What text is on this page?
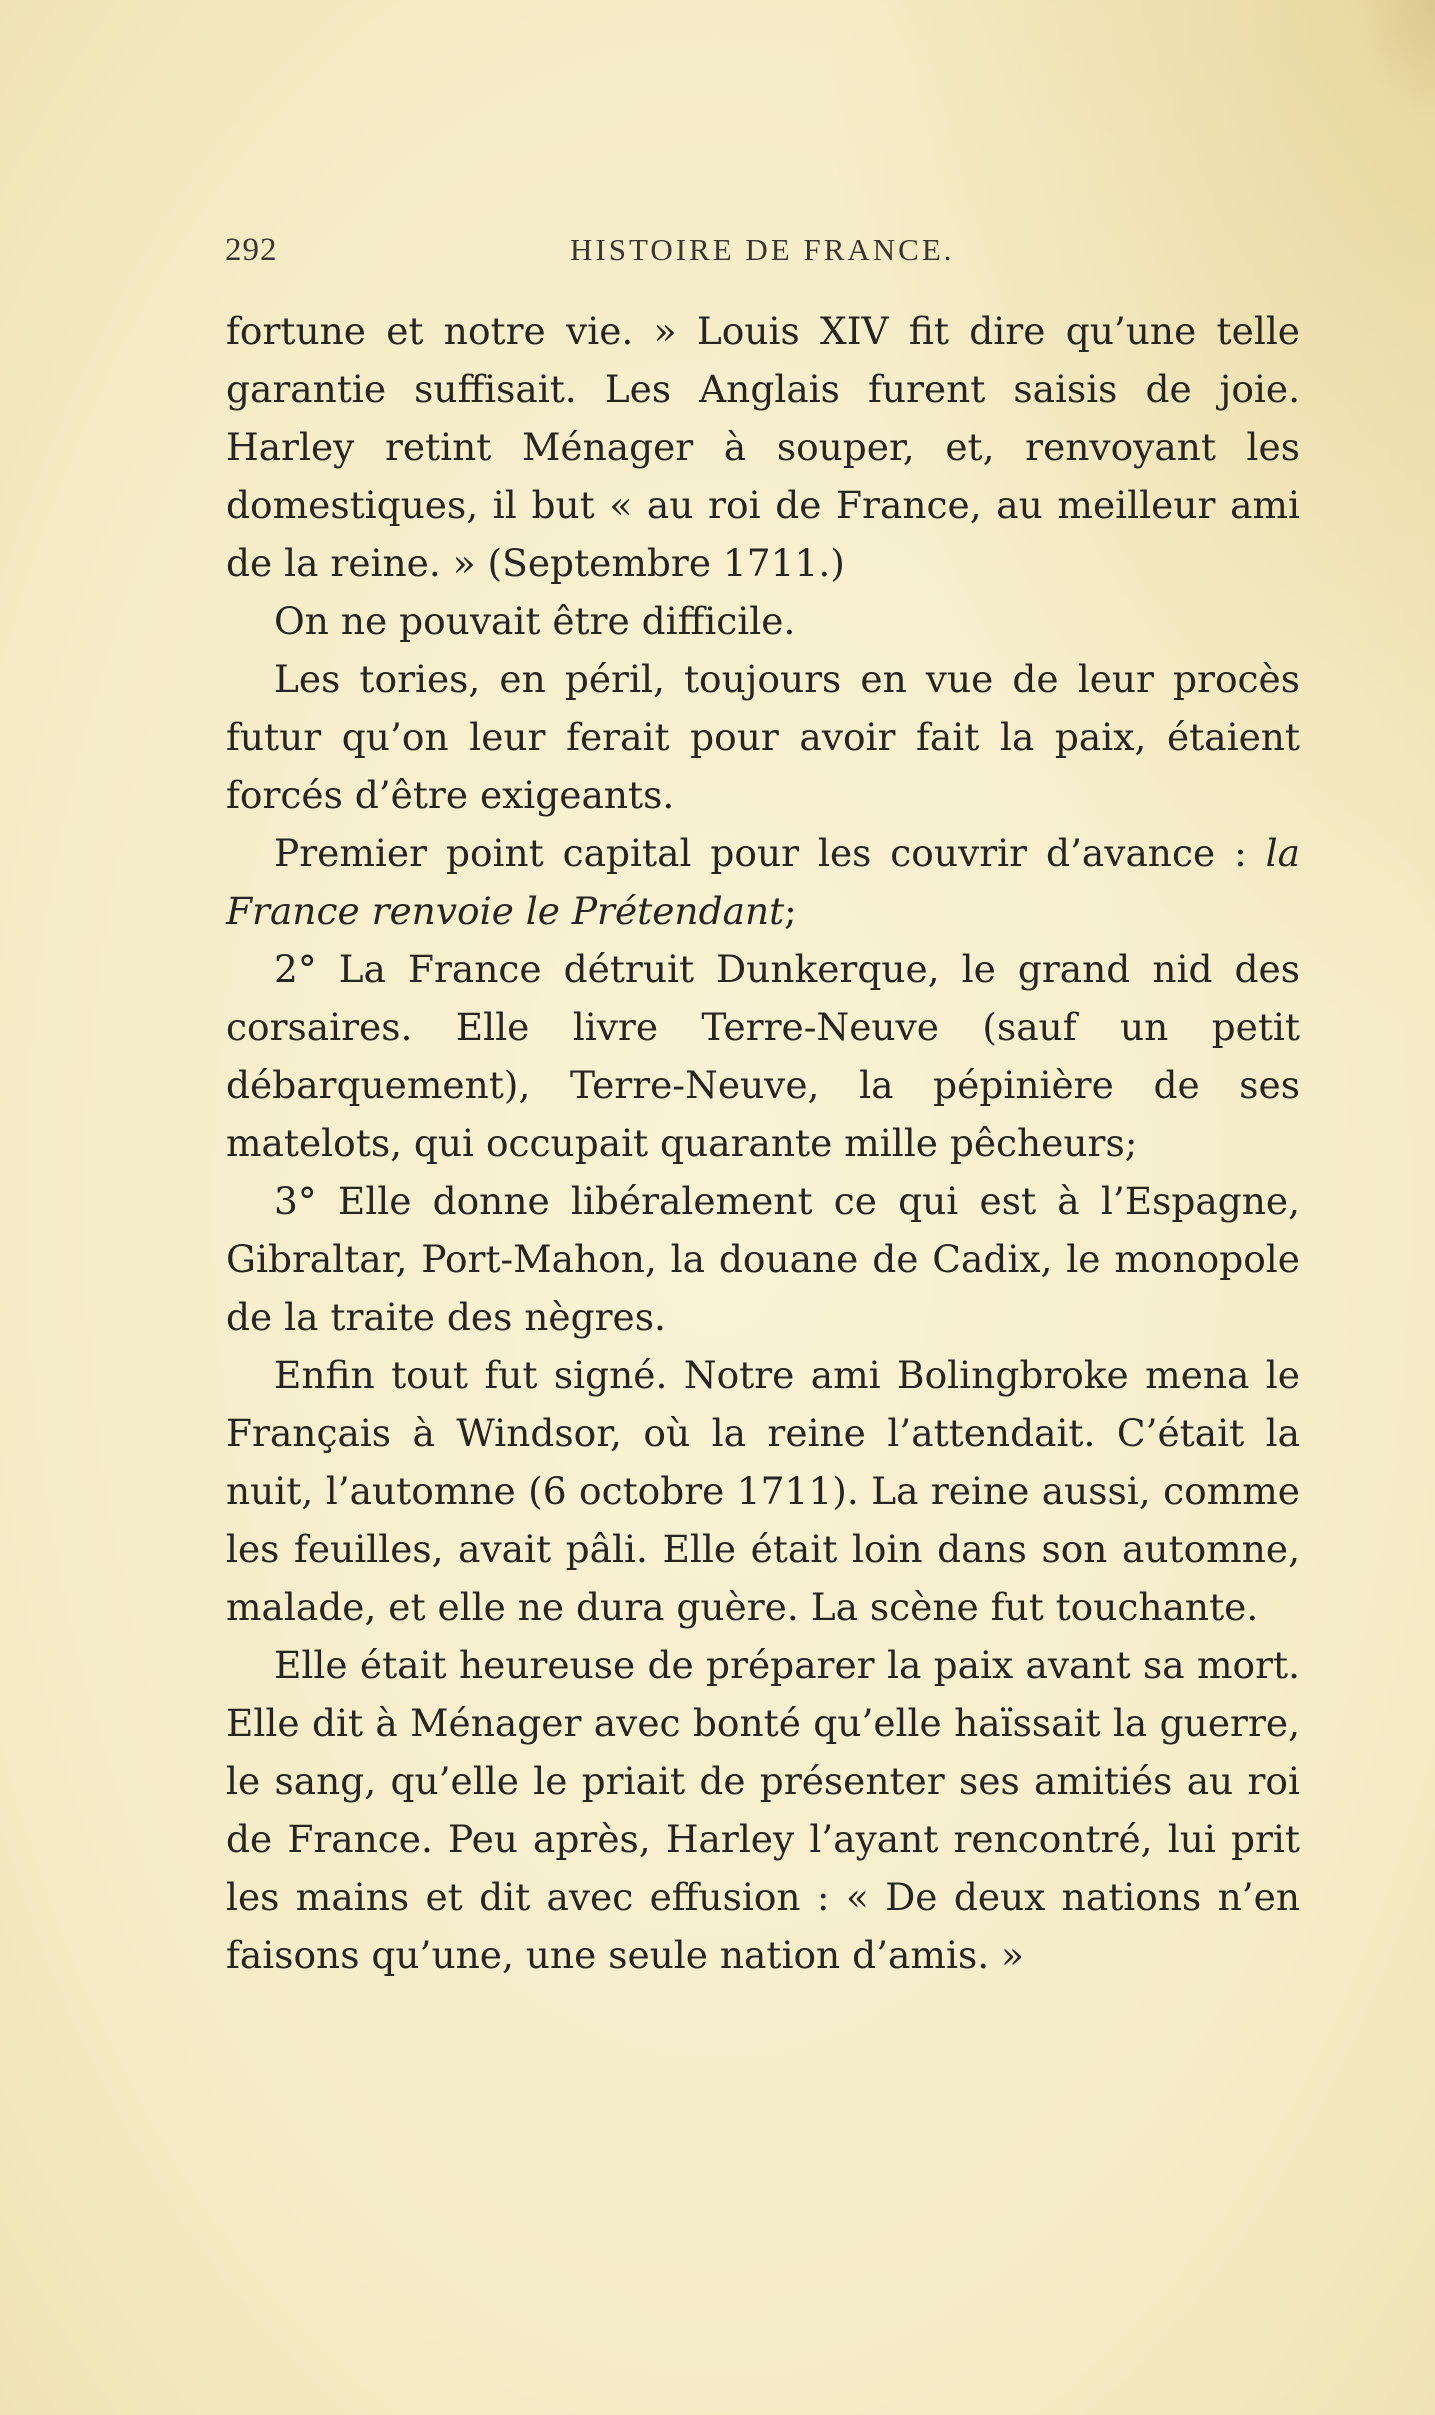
292	HISTOIRE DE FRANCE.

fortune et notre vie. » Louis XIV fit dire qu’une telle garantie suffisait. Les Anglais furent saisis de joie. Harley retint Ménager à souper, et, renvoyant les domestiques, il but « au roi de France, au meilleur ami de la reine. » (Septembre 1711.)

On ne pouvait être difficile.

Les tories, en péril, toujours en vue de leur procès futur qu’on leur ferait pour avoir fait la paix, étaient forcés d’être exigeants.

Premier point capital pour les couvrir d’avance : la France renvoie le Prétendant;

2° La France détruit Dunkerque, le grand nid des corsaires. Elle livre Terre-Neuve (sauf un petit débarquement), Terre-Neuve, la pépinière de ses matelots, qui occupait quarante mille pêcheurs;

3° Elle donne libéralement ce qui est à l’Espagne, Gibraltar, Port-Mahon, la douane de Cadix, le monopole de la traite des nègres.

Enfin tout fut signé. Notre ami Bolingbroke mena le Français à Windsor, où la reine l’attendait. C’était la nuit, l’automne (6 octobre 1711). La reine aussi, comme les feuilles, avait pâli. Elle était loin dans son automne, malade, et elle ne dura guère. La scène fut touchante.

Elle était heureuse de préparer la paix avant sa mort. Elle dit à Ménager avec bonté qu’elle haïssait la guerre, le sang, qu’elle le priait de présenter ses amitiés au roi de France. Peu après, Harley l’ayant rencontré, lui prit les mains et dit avec effusion : « De deux nations n’en faisons qu’une, une seule nation d’amis. »
